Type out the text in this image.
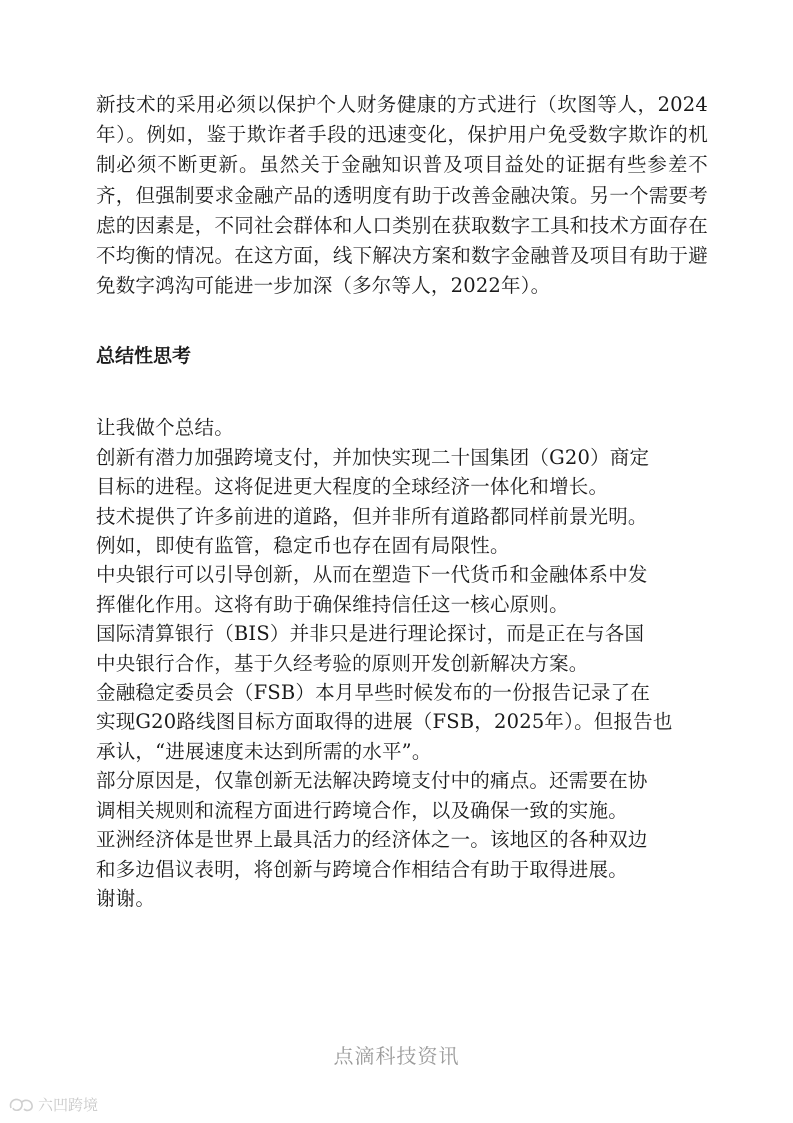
新技术的采用必须以保护个人财务健康的方式进行（坎图等人，2024年）。例如，鉴于欺诈者手段的迅速变化，保护用户免受数字欺诈的机制必须不断更新。虽然关于金融知识普及项目益处的证据有些参差不齐，但强制要求金融产品的透明度有助于改善金融决策。另一个需要考虑的因素是，不同社会群体和人口类别在获取数字工具和技术方面存在不均衡的情况。在这方面，线下解决方案和数字金融普及项目有助于避免数字鸿沟可能进一步加深（多尔等人，2022年）。

总结性思考
让我做个总结。
创新有潜力加强跨境支付，并加快实现二十国集团（G20）商定
目标的进程。这将促进更大程度的全球经济一体化和增长。
技术提供了许多前进的道路，但并非所有道路都同样前景光明。
例如，即使有监管，稳定币也存在固有局限性。
中央银行可以引导创新，从而在塑造下一代货币和金融体系中发
挥催化作用。这将有助于确保维持信任这一核心原则。
国际清算银行（BIS）并非只是进行理论探讨，而是正在与各国
中央银行合作，基于久经考验的原则开发创新解决方案。
金融稳定委员会（FSB）本月早些时候发布的一份报告记录了在
实现G20路线图目标方面取得的进展（FSB，2025年）。但报告也
承认，“进展速度未达到所需的水平”。
部分原因是，仅靠创新无法解决跨境支付中的痛点。还需要在协
调相关规则和流程方面进行跨境合作，以及确保一致的实施。
亚洲经济体是世界上最具活力的经济体之一。该地区的各种双边
和多边倡议表明，将创新与跨境合作相结合有助于取得进展。
谢谢。
点滴科技资讯
六凹跨境
